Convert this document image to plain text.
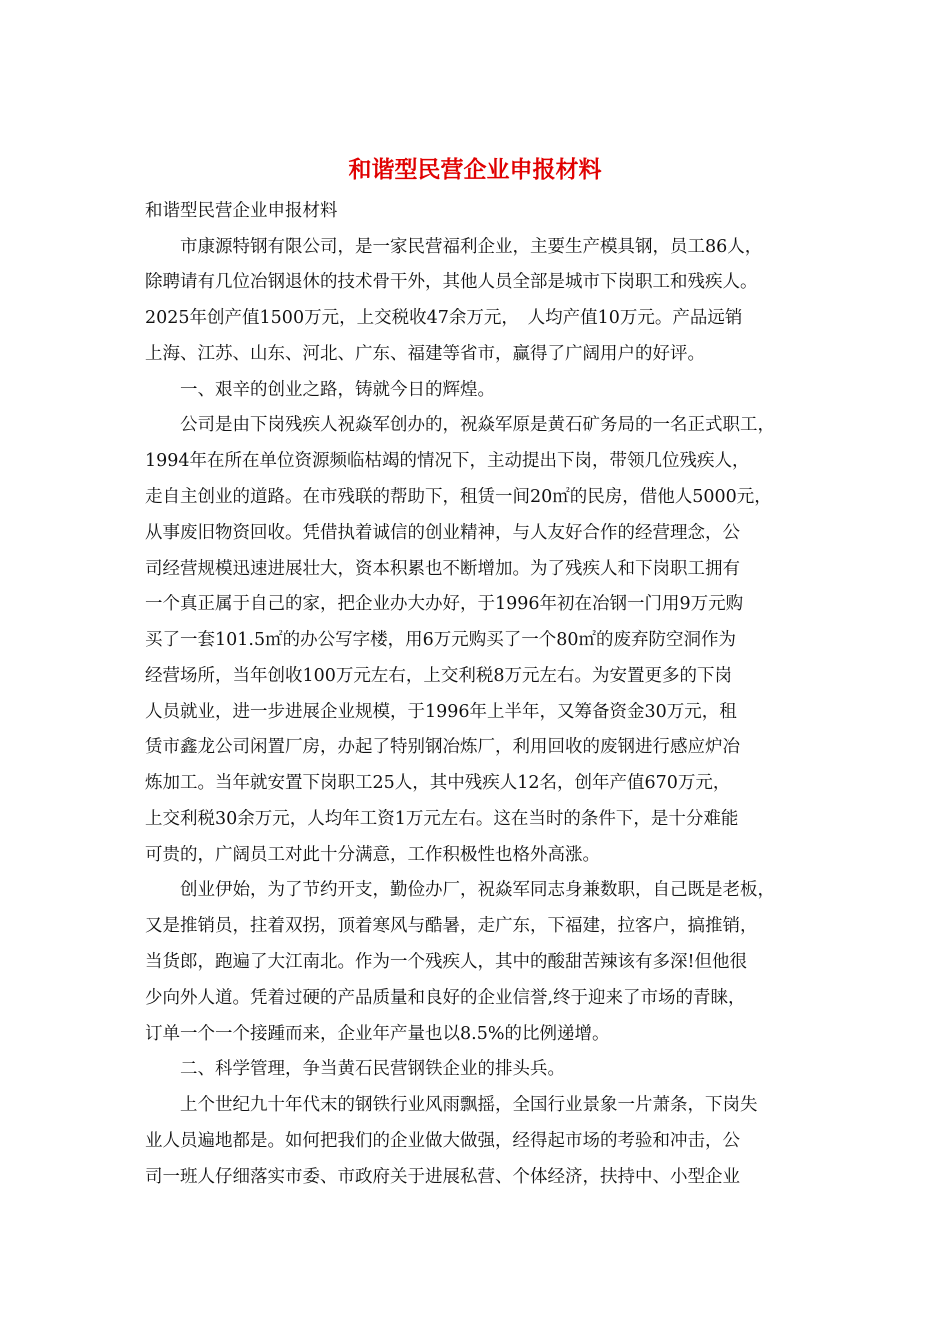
和谐型民营企业申报材料

和谐型民营企业申报材料

　　市康源特钢有限公司，是一家民营福利企业，主要生产模具钢，员工86人，

除聘请有几位冶钢退休的技术骨干外，其他人员全部是城市下岗职工和残疾人。

2025年创产值1500万元，上交税收47余万元，　人均产值10万元。产品远销

上海、江苏、山东、河北、广东、福建等省市，赢得了广阔用户的好评。

　　一、艰辛的创业之路，铸就今日的辉煌。

　　公司是由下岗残疾人祝焱军创办的，祝焱军原是黄石矿务局的一名正式职工，

1994年在所在单位资源频临枯竭的情况下，主动提出下岗，带领几位残疾人，

走自主创业的道路。在市残联的帮助下，租赁一间20㎡的民房，借他人5000元，

从事废旧物资回收。凭借执着诚信的创业精神，与人友好合作的经营理念，公

司经营规模迅速进展壮大，资本积累也不断增加。为了残疾人和下岗职工拥有

一个真正属于自己的家，把企业办大办好，于1996年初在冶钢一门用9万元购

买了一套101.5㎡的办公写字楼，用6万元购买了一个80㎡的废弃防空洞作为

经营场所，当年创收100万元左右，上交利税8万元左右。为安置更多的下岗

人员就业，进一步进展企业规模，于1996年上半年，又筹备资金30万元，租

赁市鑫龙公司闲置厂房，办起了特别钢冶炼厂，利用回收的废钢进行感应炉冶

炼加工。当年就安置下岗职工25人，其中残疾人12名，创年产值670万元，

上交利税30余万元，人均年工资1万元左右。这在当时的条件下，是十分难能

可贵的，广阔员工对此十分满意，工作积极性也格外高涨。

　　创业伊始，为了节约开支，勤俭办厂，祝焱军同志身兼数职，自己既是老板，

又是推销员，拄着双拐，顶着寒风与酷暑，走广东，下福建，拉客户，搞推销，

当货郎，跑遍了大江南北。作为一个残疾人，其中的酸甜苦辣该有多深!但他很

少向外人道。凭着过硬的产品质量和良好的企业信誉,终于迎来了市场的青睐，

订单一个一个接踵而来，企业年产量也以8.5%的比例递增。

　　二、科学管理，争当黄石民营钢铁企业的排头兵。

　　上个世纪九十年代末的钢铁行业风雨飘摇，全国行业景象一片萧条，下岗失

业人员遍地都是。如何把我们的企业做大做强，经得起市场的考验和冲击，公

司一班人仔细落实市委、市政府关于进展私营、个体经济，扶持中、小型企业
